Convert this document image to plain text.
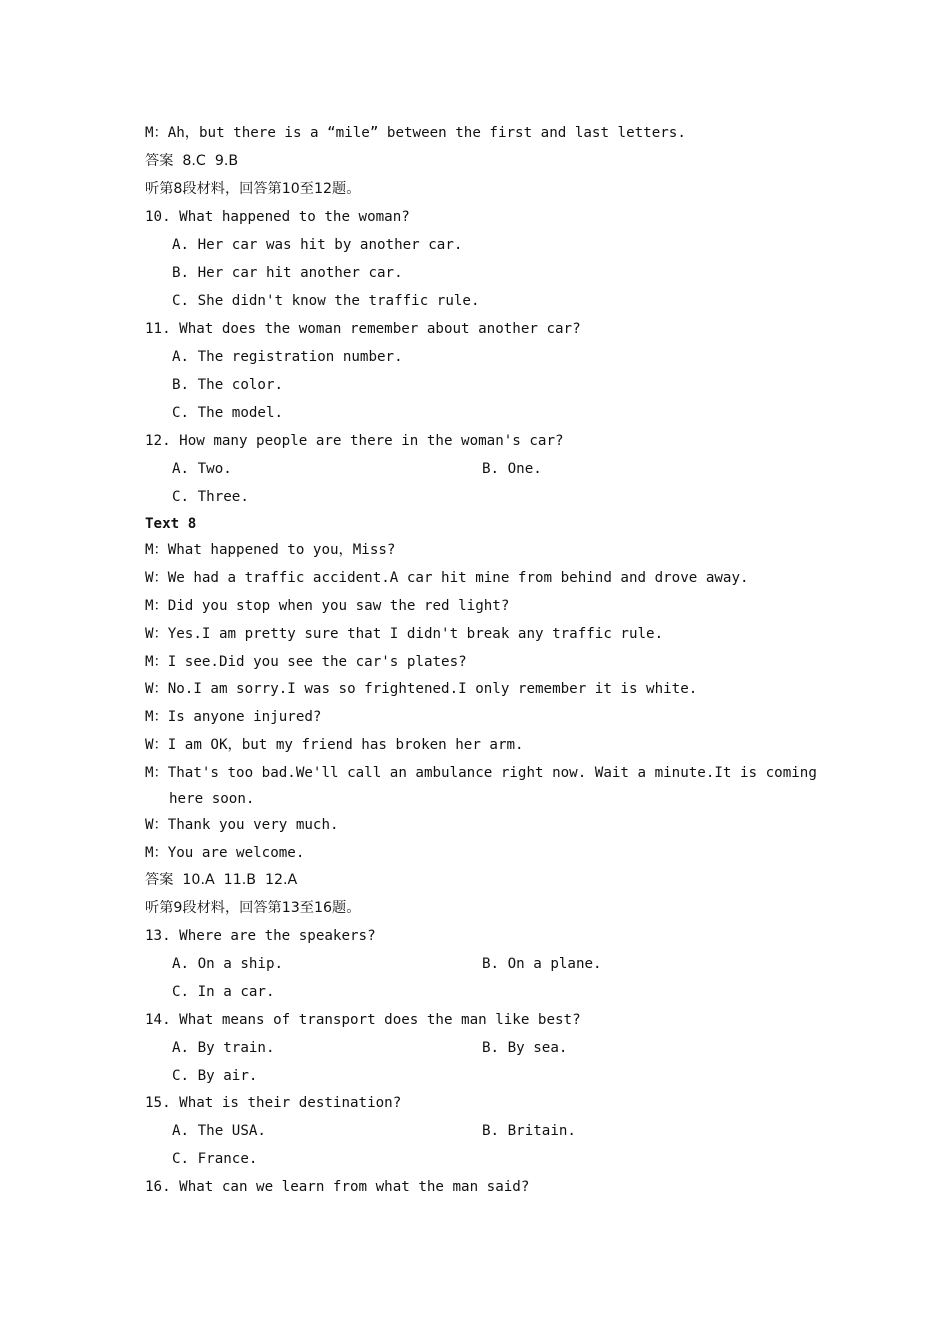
M：Ah，but there is a “mile” between the first and last letters.
答案  8.C  9.B
听第8段材料，回答第10至12题。
10. What happened to the woman?
A. Her car was hit by another car.
B. Her car hit another car.
C. She didn't know the traffic rule.
11. What does the woman remember about another car?
A. The registration number.
B. The color.
C. The model.
12. How many people are there in the woman's car?
A. Two.	B. One.
C. Three.
Text 8
M：What happened to you，Miss?
W：We had a traffic accident.A car hit mine from behind and drove away.
M：Did you stop when you saw the red light?
W：Yes.I am pretty sure that I didn't break any traffic rule.
M：I see.Did you see the car's plates?
W：No.I am sorry.I was so frightened.I only remember it is white.
M：Is anyone injured?
W：I am OK，but my friend has broken her arm.
M：That's too bad.We'll call an ambulance right now. Wait a minute.It is coming
here soon.
W：Thank you very much.
M：You are welcome.
答案  10.A  11.B  12.A
听第9段材料，回答第13至16题。
13. Where are the speakers?
A. On a ship.	B. On a plane.
C. In a car.
14. What means of transport does the man like best?
A. By train.	B. By sea.
C. By air.
15. What is their destination?
A. The USA.	B. Britain.
C. France.
16. What can we learn from what the man said?
